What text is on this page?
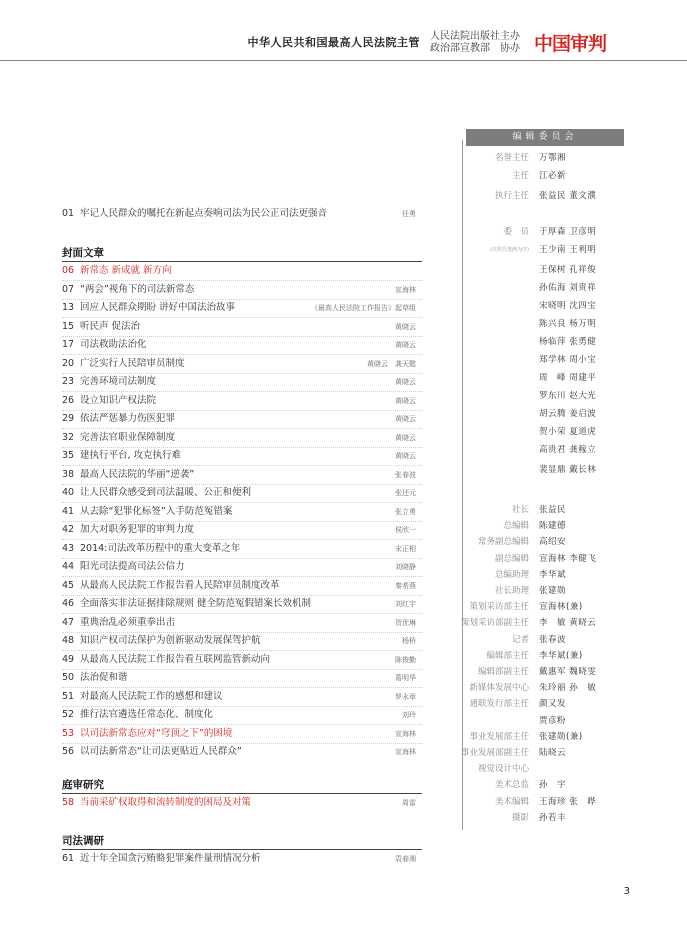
中华人民共和国最高人民法院主管 人民法院出版社主办
政治部宣教部　协办 中国审判
01 牢记人民群众的嘱托在新起点奏响司法为民公正司法更强音	任勇
封面文章
06 新常态 新成就 新方向
07 “两会”视角下的司法新常态	宣海林
13 回应人民群众期盼 讲好中国法治故事	《最高人民法院工作报告》起草组
15 听民声 促法治	黄晓云
17 司法救助法治化	黄晓云
20 广泛实行人民陪审员制度	黄晓云　龚天懿
23 完善环境司法制度	黄晓云
26 设立知识产权法院	黄晓云
29 依法严惩暴力伤医犯罪	黄晓云
32 完善法官职业保障制度	黄晓云
35 建执行平台, 攻克执行难	黄晓云
38 最高人民法院的华丽“逆袭”	张春波
40 让人民群众感受到司法温暖、公正和便利	张还元
41 从去除“犯罪化标签”入手防范冤错案	张立勇
42 加大对职务犯罪的审判力度	侯欣一
43 2014:司法改革历程中的重大变革之年	宋正相
44 阳光司法提高司法公信力	刘晓静
45 从最高人民法院工作报告看人民陪审员制度改革	秦希燕
46 全面落实非法证据排除规则 健全防范冤假错案长效机制	刘红宇
47 重典治乱必须重拳出击	贺优琳
48 知识产权司法保护为创新驱动发展保驾护航	杨桥
49 从最高人民法院工作报告看互联网监管新动向	陈俊勤
50 法治促和谐	葛明华
51 对最高人民法院工作的感想和建议	罗永章
52 推行法官遴选任常态化、制度化	刘玲
53 以司法新常态应对“穹顶之下”的困境	宣海林
56 以司法新常态“让司法更贴近人民群众”	宣海林
庭审研究
58 当前采矿权取得和流转制度的困局及对策	周雷
司法调研
61 近十年全国贪污贿赂犯罪案件量刑情况分析	袁春湘
编辑委员会
名誉主任 万鄂湘
主任 江必新
执行主任 张益民 董文濮
委　员 于厚森 卫彦明
(以姓氏笔画为序) 王少南 王利明
王保树 孔祥俊
孙佑海 刘贵祥
宋晓明 沈四宝
陈兴良 杨万明
杨临萍 张勇健
郑学林 周小宝
周　峰 周建平
罗东川 赵大光
胡云腾 姜启波
贺小荣 夏道虎
高贵君 龚稼立
裴显鼎 戴长林
社长 张益民
总编辑 陈建德
常务副总编辑 高绍安
副总编辑 宣海林 李健飞
总编助理 李华斌
社长助理 张建勋
策划采访部主任 宣海林(兼)
策划采访部副主任 李　敏 黄晓云
记者 张春波
编辑部主任 李华斌(兼)
编辑部副主任 戴惠军 魏晓雯
新媒体发展中心 朱玲丽 孙　敏
通联发行部主任 颜又发
贾彦粉
事业发展部主任 张建勋(兼)
事业发展部副主任 陆晓云
视觉设计中心
美术总监 孙　宇
美术编辑 王海珍 张　晔
摄影 孙若丰
3
